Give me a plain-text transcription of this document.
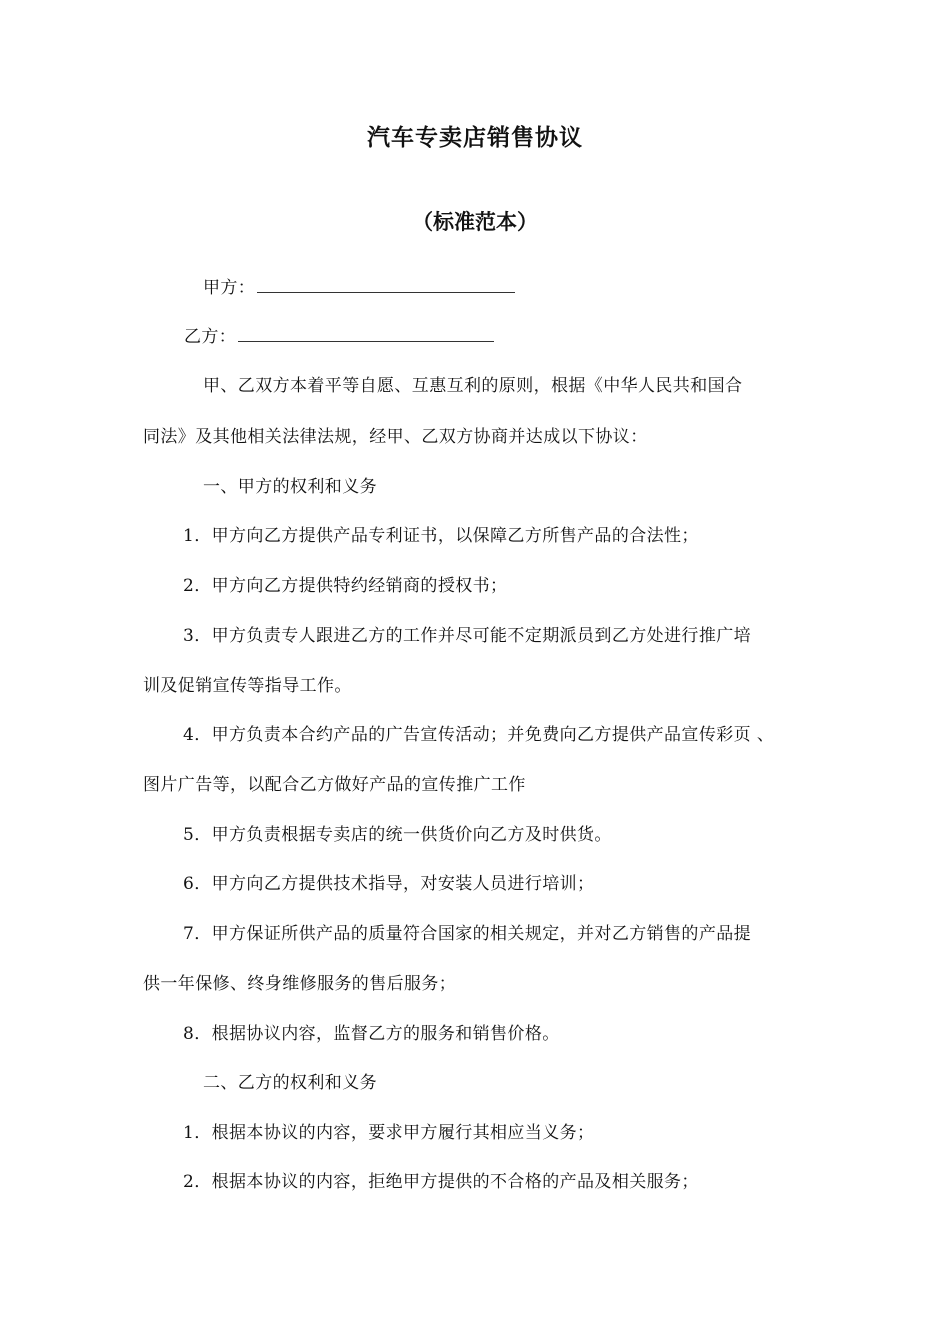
汽车专卖店销售协议
（标准范本）
甲方：
乙方：
甲、乙双方本着平等自愿、互惠互利的原则，根据《中华人民共和国合
同法》及其他相关法律法规，经甲、乙双方协商并达成以下协议：
一、甲方的权利和义务
1．甲方向乙方提供产品专利证书，以保障乙方所售产品的合法性；
2．甲方向乙方提供特约经销商的授权书；
3．甲方负责专人跟进乙方的工作并尽可能不定期派员到乙方处进行推广培
训及促销宣传等指导工作。
4．甲方负责本合约产品的广告宣传活动；并免费向乙方提供产品宣传彩页 、
图片广告等，以配合乙方做好产品的宣传推广工作
5．甲方负责根据专卖店的统一供货价向乙方及时供货。
6．甲方向乙方提供技术指导，对安装人员进行培训；
7．甲方保证所供产品的质量符合国家的相关规定，并对乙方销售的产品提
供一年保修、终身维修服务的售后服务；
8．根据协议内容，监督乙方的服务和销售价格。
二、乙方的权利和义务
1．根据本协议的内容，要求甲方履行其相应当义务；
2．根据本协议的内容，拒绝甲方提供的不合格的产品及相关服务；
